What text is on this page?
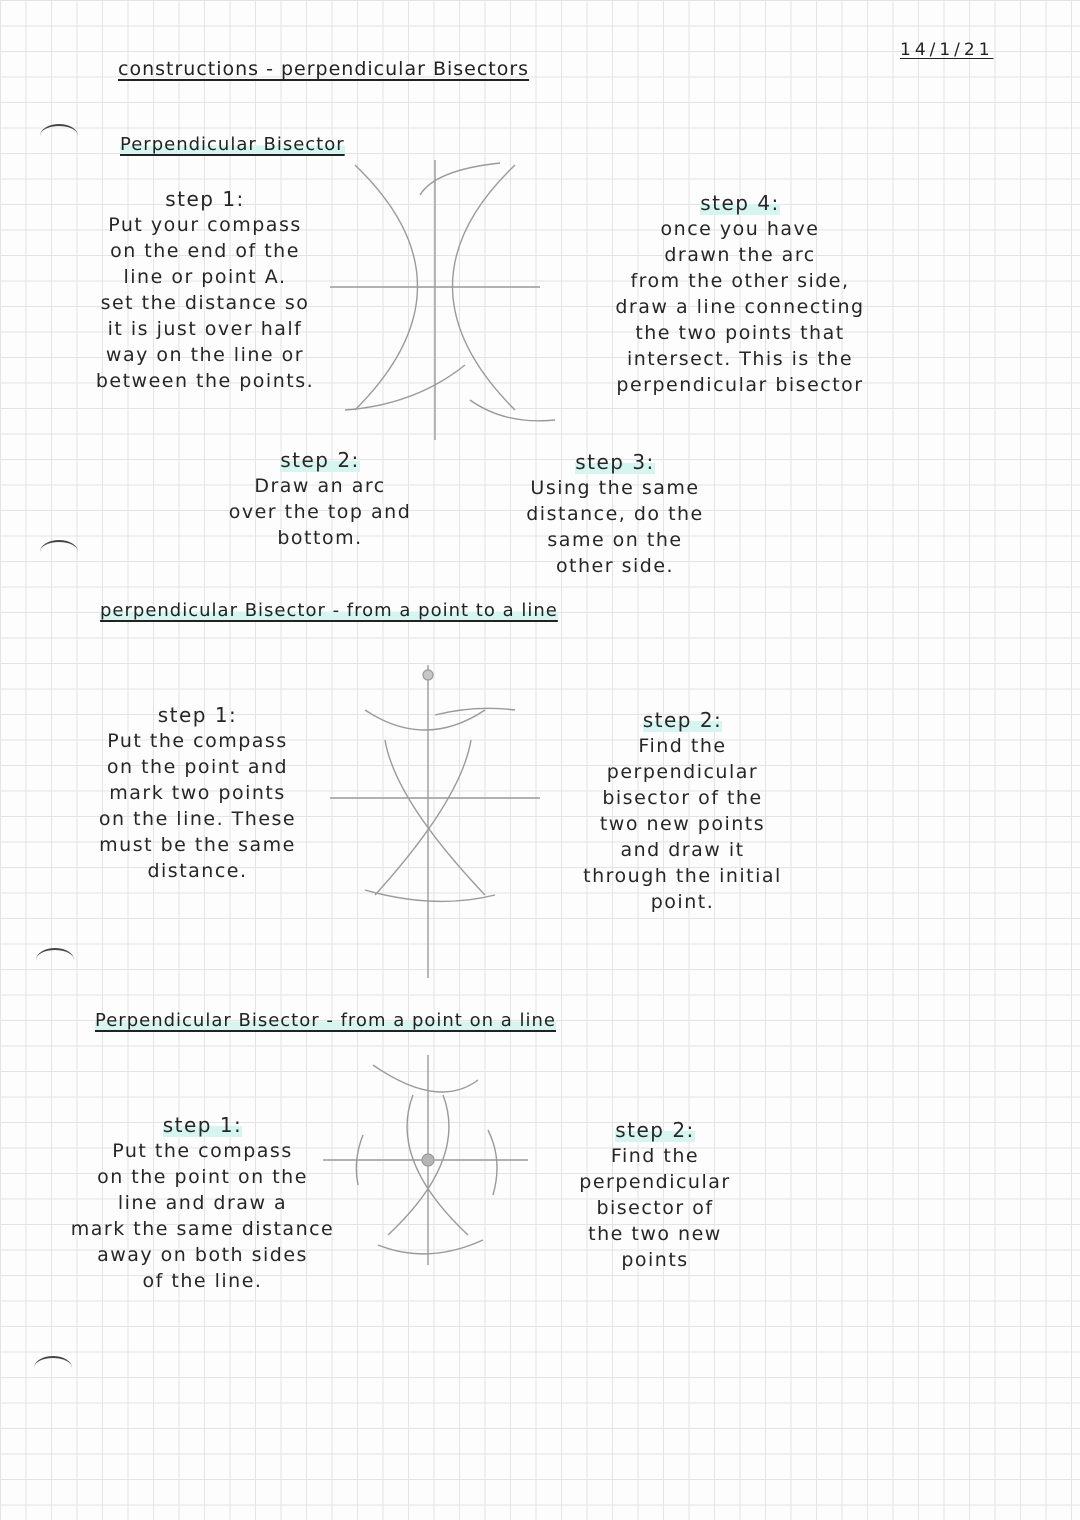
constructions - perpendicular Bisectors
14/1/21
Perpendicular Bisector
step 1:
Put your compass
on the end of the
line or point A.
set the distance so
it is just over half
way on the line or
between the points.
step 4:
once you have
drawn the arc
from the other side,
draw a line connecting
the two points that
intersect. This is the
perpendicular bisector
step 2:
Draw an arc
over the top and
bottom.
step 3:
Using the same
distance, do the
same on the
other side.
perpendicular Bisector - from a point to a line
step 1:
Put the compass
on the point and
mark two points
on the line. These
must be the same
distance.
step 2:
Find the
perpendicular
bisector of the
two new points
and draw it
through the initial
point.
Perpendicular Bisector - from a point on a line
step 1:
Put the compass
on the point on the
line and draw a
mark the same distance
away on both sides
of the line.
step 2:
Find the
perpendicular
bisector of
the two new
points
